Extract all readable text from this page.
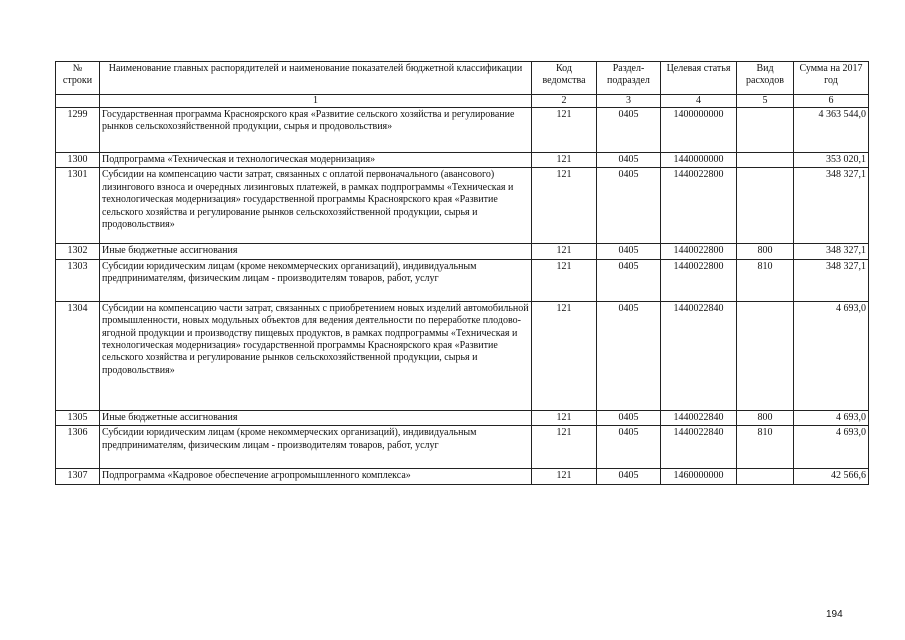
№ строки	Наименование главных распорядителей и наименование показателей бюджетной классификации	Код ведомства	Раздел-подраздел	Целевая статья	Вид расходов	Сумма на 2017 год
	1	2	3	4	5	6
1299	Государственная программа Красноярского края «Развитие сельского хозяйства и регулирование рынков сельскохозяйственной продукции, сырья и продовольствия»	121	0405	1400000000		4 363 544,0
1300	Подпрограмма «Техническая и технологическая модернизация»	121	0405	1440000000		353 020,1
1301	Субсидии на компенсацию части затрат, связанных с оплатой первоначального (авансового) лизингового взноса и очередных лизинговых платежей, в рамках подпрограммы «Техническая и технологическая модернизация» государственной программы Красноярского края «Развитие сельского хозяйства и регулирование рынков сельскохозяйственной продукции, сырья и продовольствия»	121	0405	1440022800		348 327,1
1302	Иные бюджетные ассигнования	121	0405	1440022800	800	348 327,1
1303	Субсидии юридическим лицам (кроме некоммерческих организаций), индивидуальным предпринимателям, физическим лицам - производителям товаров, работ, услуг	121	0405	1440022800	810	348 327,1
1304	Субсидии на компенсацию части затрат, связанных с приобретением новых изделий автомобильной промышленности, новых модульных объектов для ведения деятельности по переработке плодово-ягодной продукции и производству пищевых продуктов, в рамках подпрограммы «Техническая и технологическая модернизация» государственной программы Красноярского края «Развитие сельского хозяйства и регулирование рынков сельскохозяйственной продукции, сырья и продовольствия»	121	0405	1440022840		4 693,0
1305	Иные бюджетные ассигнования	121	0405	1440022840	800	4 693,0
1306	Субсидии юридическим лицам (кроме некоммерческих организаций), индивидуальным предпринимателям, физическим лицам - производителям товаров, работ, услуг	121	0405	1440022840	810	4 693,0
1307	Подпрограмма «Кадровое обеспечение агропромышленного комплекса»	121	0405	1460000000		42 566,6
194
